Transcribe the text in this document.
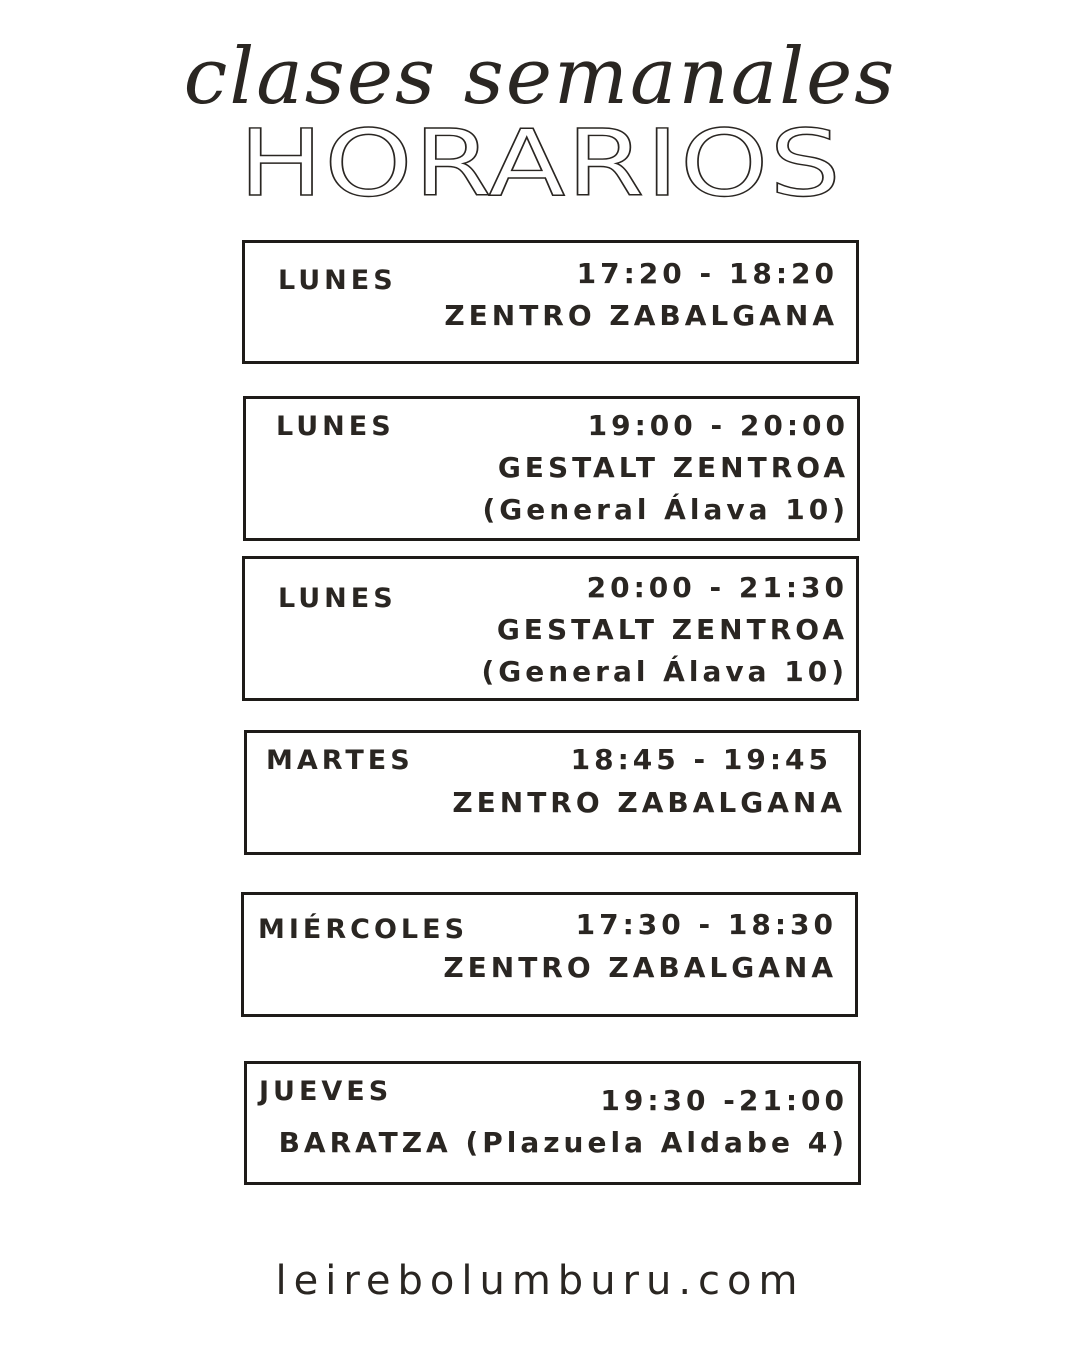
clases semanales
HORARIOS
LUNES	17:20 - 18:20
ZENTRO ZABALGANA
LUNES	19:00 - 20:00
GESTALT ZENTROA
(General Álava 10)
LUNES	20:00 - 21:30
GESTALT ZENTROA
(General Álava 10)
MARTES	18:45 - 19:45
ZENTRO ZABALGANA
MIÉRCOLES	17:30 - 18:30
ZENTRO ZABALGANA
JUEVES	19:30 -21:00
BARATZA (Plazuela Aldabe 4)
leirebolumburu.com
